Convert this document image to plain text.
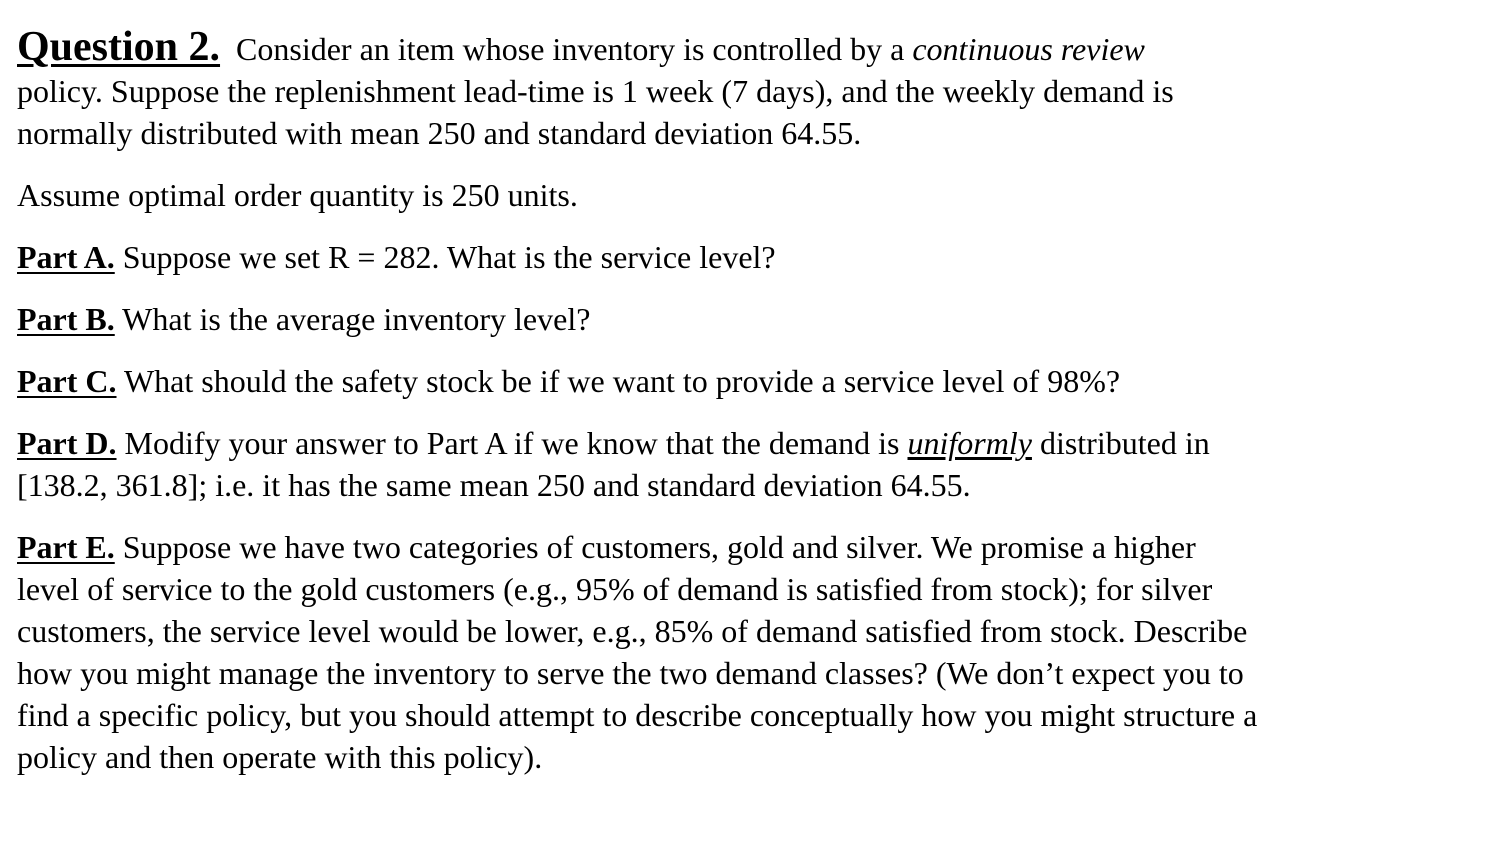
Question 2. Consider an item whose inventory is controlled by a continuous review
policy. Suppose the replenishment lead-time is 1 week (7 days), and the weekly demand is
normally distributed with mean 250 and standard deviation 64.55.

Assume optimal order quantity is 250 units.

Part A. Suppose we set R = 282. What is the service level?

Part B. What is the average inventory level?

Part C. What should the safety stock be if we want to provide a service level of 98%?

Part D. Modify your answer to Part A if we know that the demand is uniformly distributed in
[138.2, 361.8]; i.e. it has the same mean 250 and standard deviation 64.55.

Part E. Suppose we have two categories of customers, gold and silver. We promise a higher
level of service to the gold customers (e.g., 95% of demand is satisfied from stock); for silver
customers, the service level would be lower, e.g., 85% of demand satisfied from stock. Describe
how you might manage the inventory to serve the two demand classes? (We don’t expect you to
find a specific policy, but you should attempt to describe conceptually how you might structure a
policy and then operate with this policy).
